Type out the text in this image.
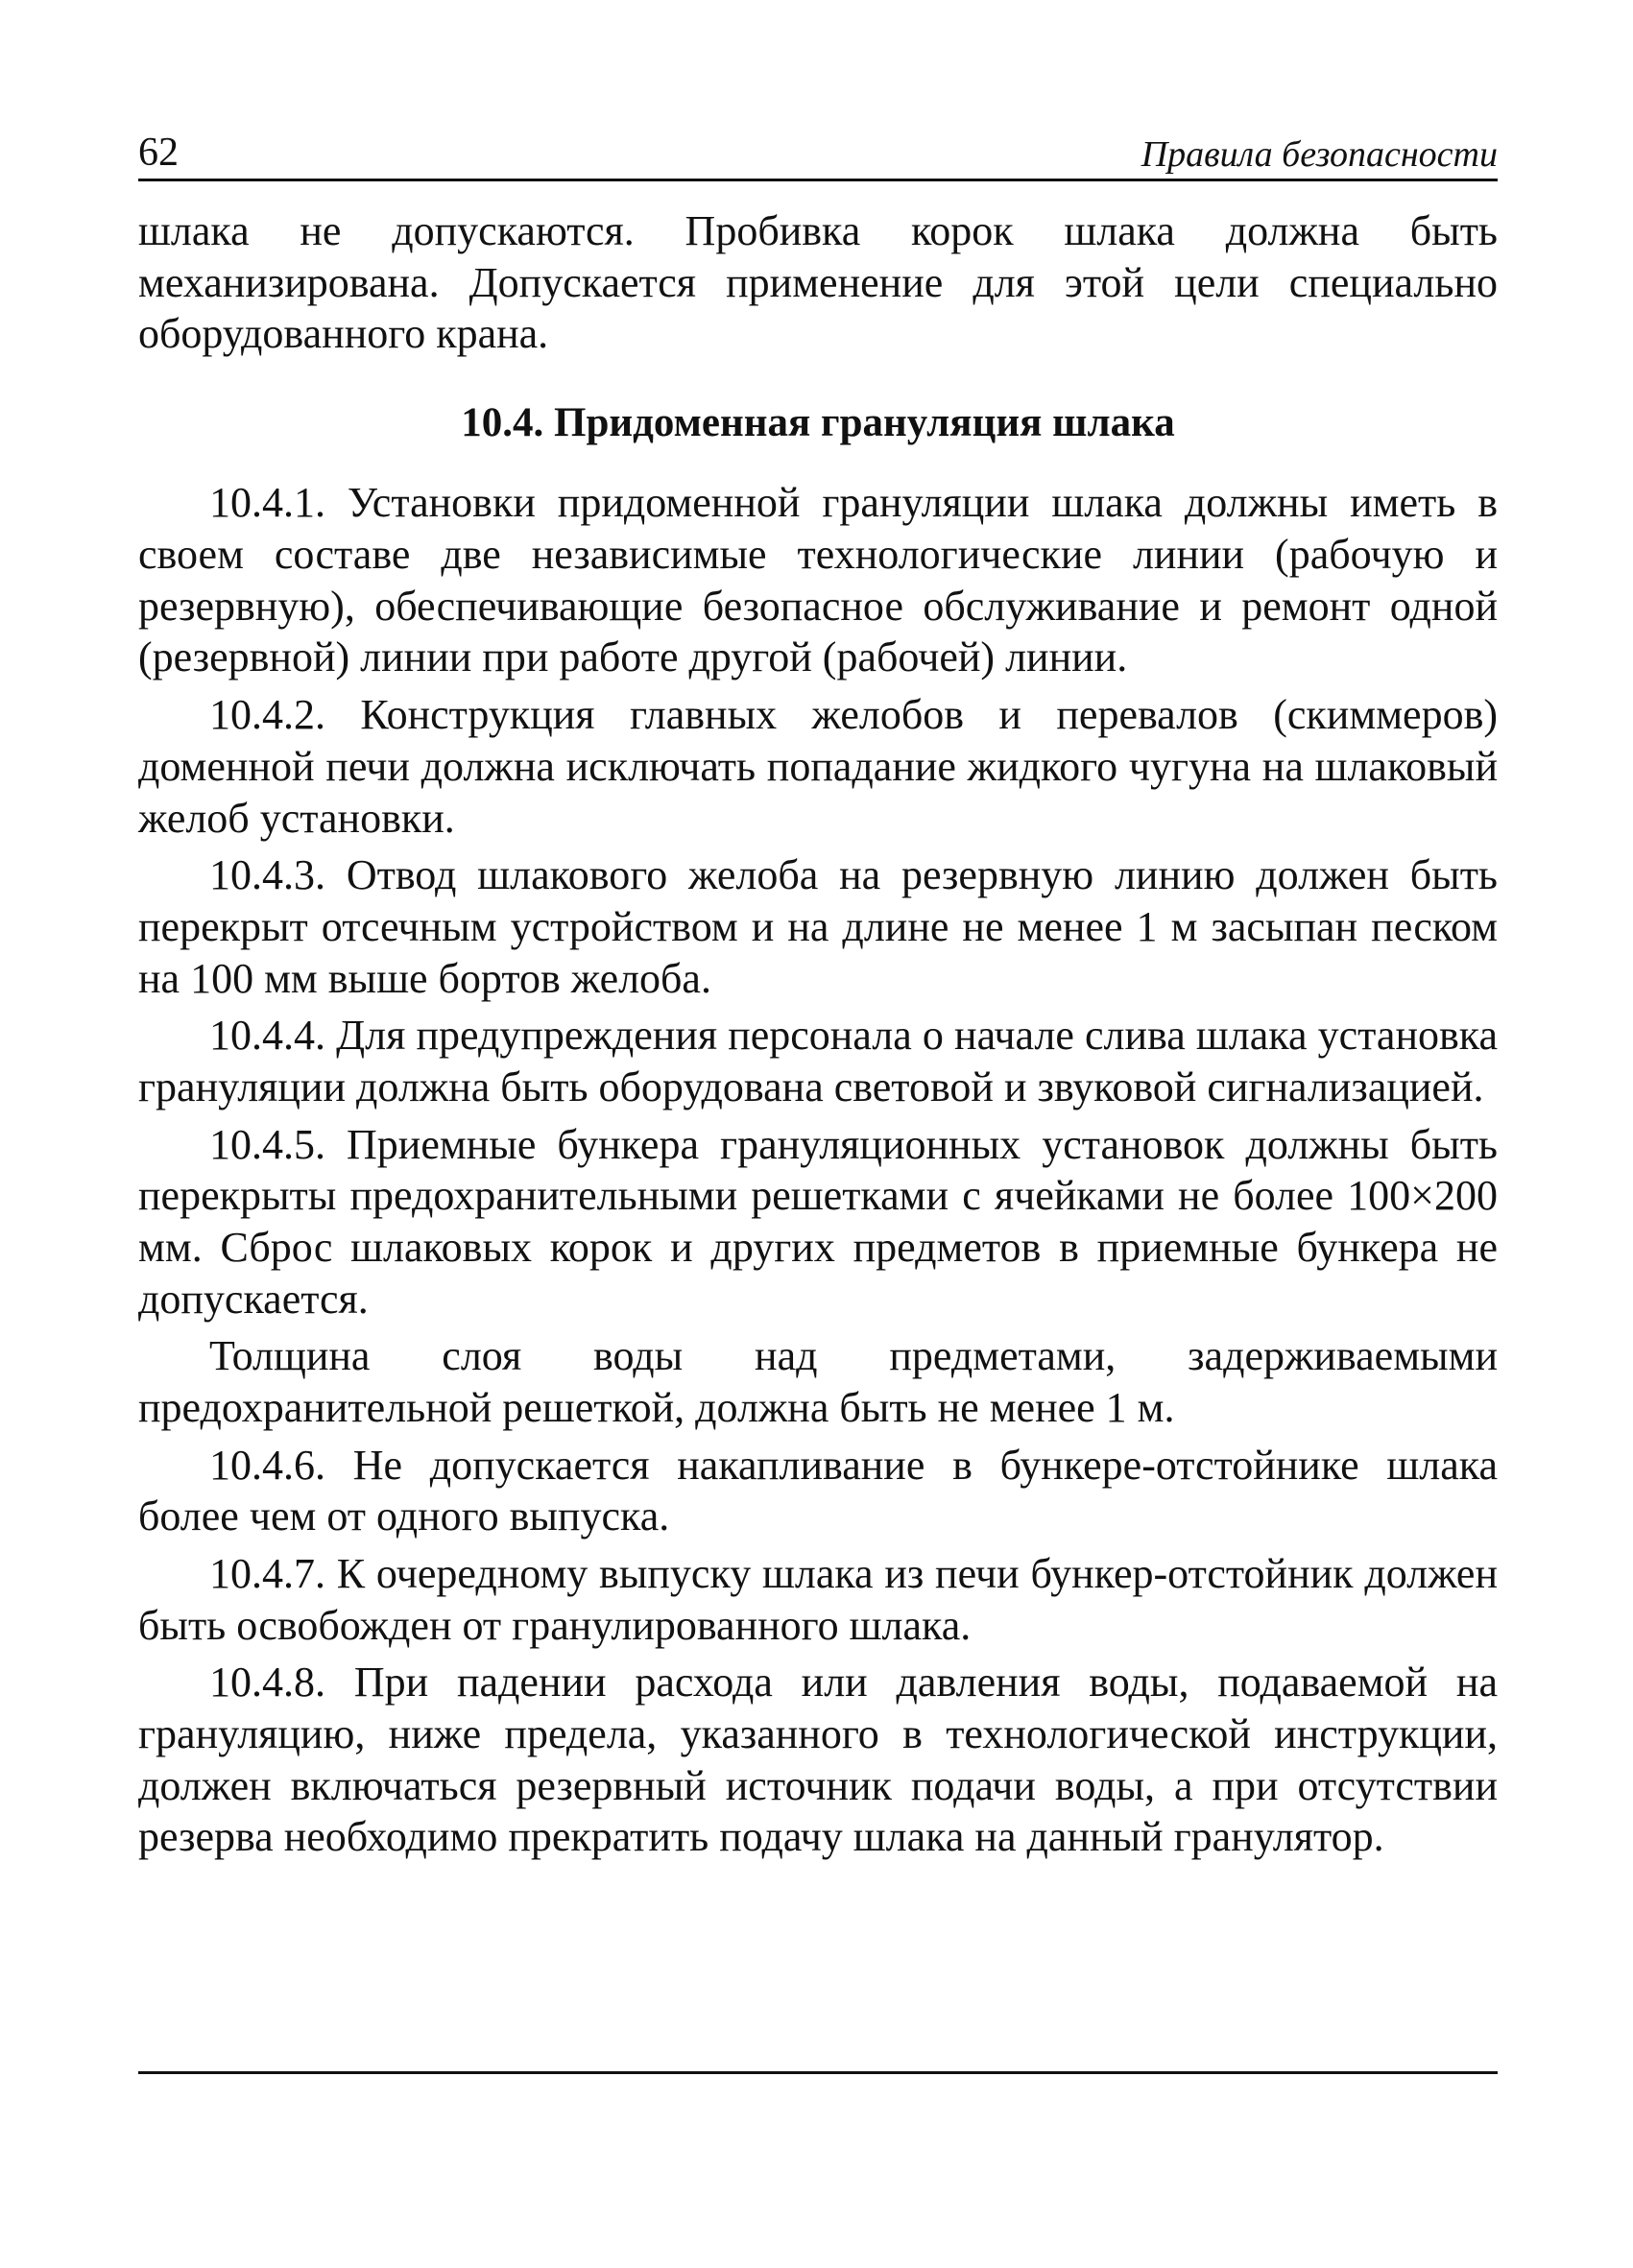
62	Правила безопасности

шлака не допускаются. Пробивка корок шлака должна быть механизирована. Допускается применение для этой цели специально оборудованного крана.

10.4. Придоменная грануляция шлака

10.4.1. Установки придоменной грануляции шлака должны иметь в своем составе две независимые технологические линии (рабочую и резервную), обеспечивающие безопасное обслуживание и ремонт одной (резервной) линии при работе другой (рабочей) линии.

10.4.2. Конструкция главных желобов и перевалов (скиммеров) доменной печи должна исключать попадание жидкого чугуна на шлаковый желоб установки.

10.4.3. Отвод шлакового желоба на резервную линию должен быть перекрыт отсечным устройством и на длине не менее 1 м засыпан песком на 100 мм выше бортов желоба.

10.4.4. Для предупреждения персонала о начале слива шлака установка грануляции должна быть оборудована световой и звуковой сигнализацией.

10.4.5. Приемные бункера грануляционных установок должны быть перекрыты предохранительными решетками с ячейками не более 100×200 мм. Сброс шлаковых корок и других предметов в приемные бункера не допускается.

Толщина слоя воды над предметами, задерживаемыми предохранительной решеткой, должна быть не менее 1 м.

10.4.6. Не допускается накапливание в бункере-отстойнике шлака более чем от одного выпуска.

10.4.7. К очередному выпуску шлака из печи бункер-отстойник должен быть освобожден от гранулированного шлака.

10.4.8. При падении расхода или давления воды, подаваемой на грануляцию, ниже предела, указанного в технологической инструкции, должен включаться резервный источник подачи воды, а при отсутствии резерва необходимо прекратить подачу шлака на данный гранулятор.
